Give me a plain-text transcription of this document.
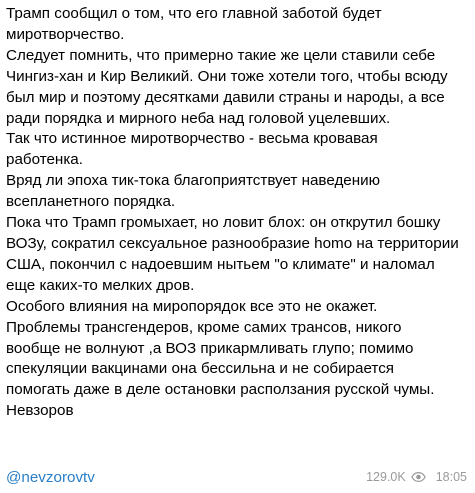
Трамп сообщил о том, что его главной заботой будет
миротворчество.

Следует помнить, что примерно такие же цели ставили себе
Чингиз-хан и Кир Великий. Они тоже хотели того, чтобы всюду
был мир и поэтому десятками давили страны и народы, а все
ради порядка и мирного неба над головой уцелевших.

Так что истинное миротворчество - весьма кровавая
работенка.

Вряд ли эпоха тик-тока благоприятствует наведению
всепланетного порядка.

Пока что Трамп громыхает, но ловит блох: он открутил бошку
ВОЗу, сократил сексуальное разнообразие homo на территории
США, покончил с надоевшим нытьем "о климате" и наломал
еще каких-то мелких дров.

Особого влияния на миропорядок все это не окажет.

Проблемы трансгендеров, кроме самих трансов, никого
вообще не волнуют ,а ВОЗ прикармливать глупо; помимо
спекуляции вакцинами она бессильна и не собирается
помогать даже в деле остановки расползания русской чумы.

Невзоров
@nevzorovtv	129.0K 18:05
